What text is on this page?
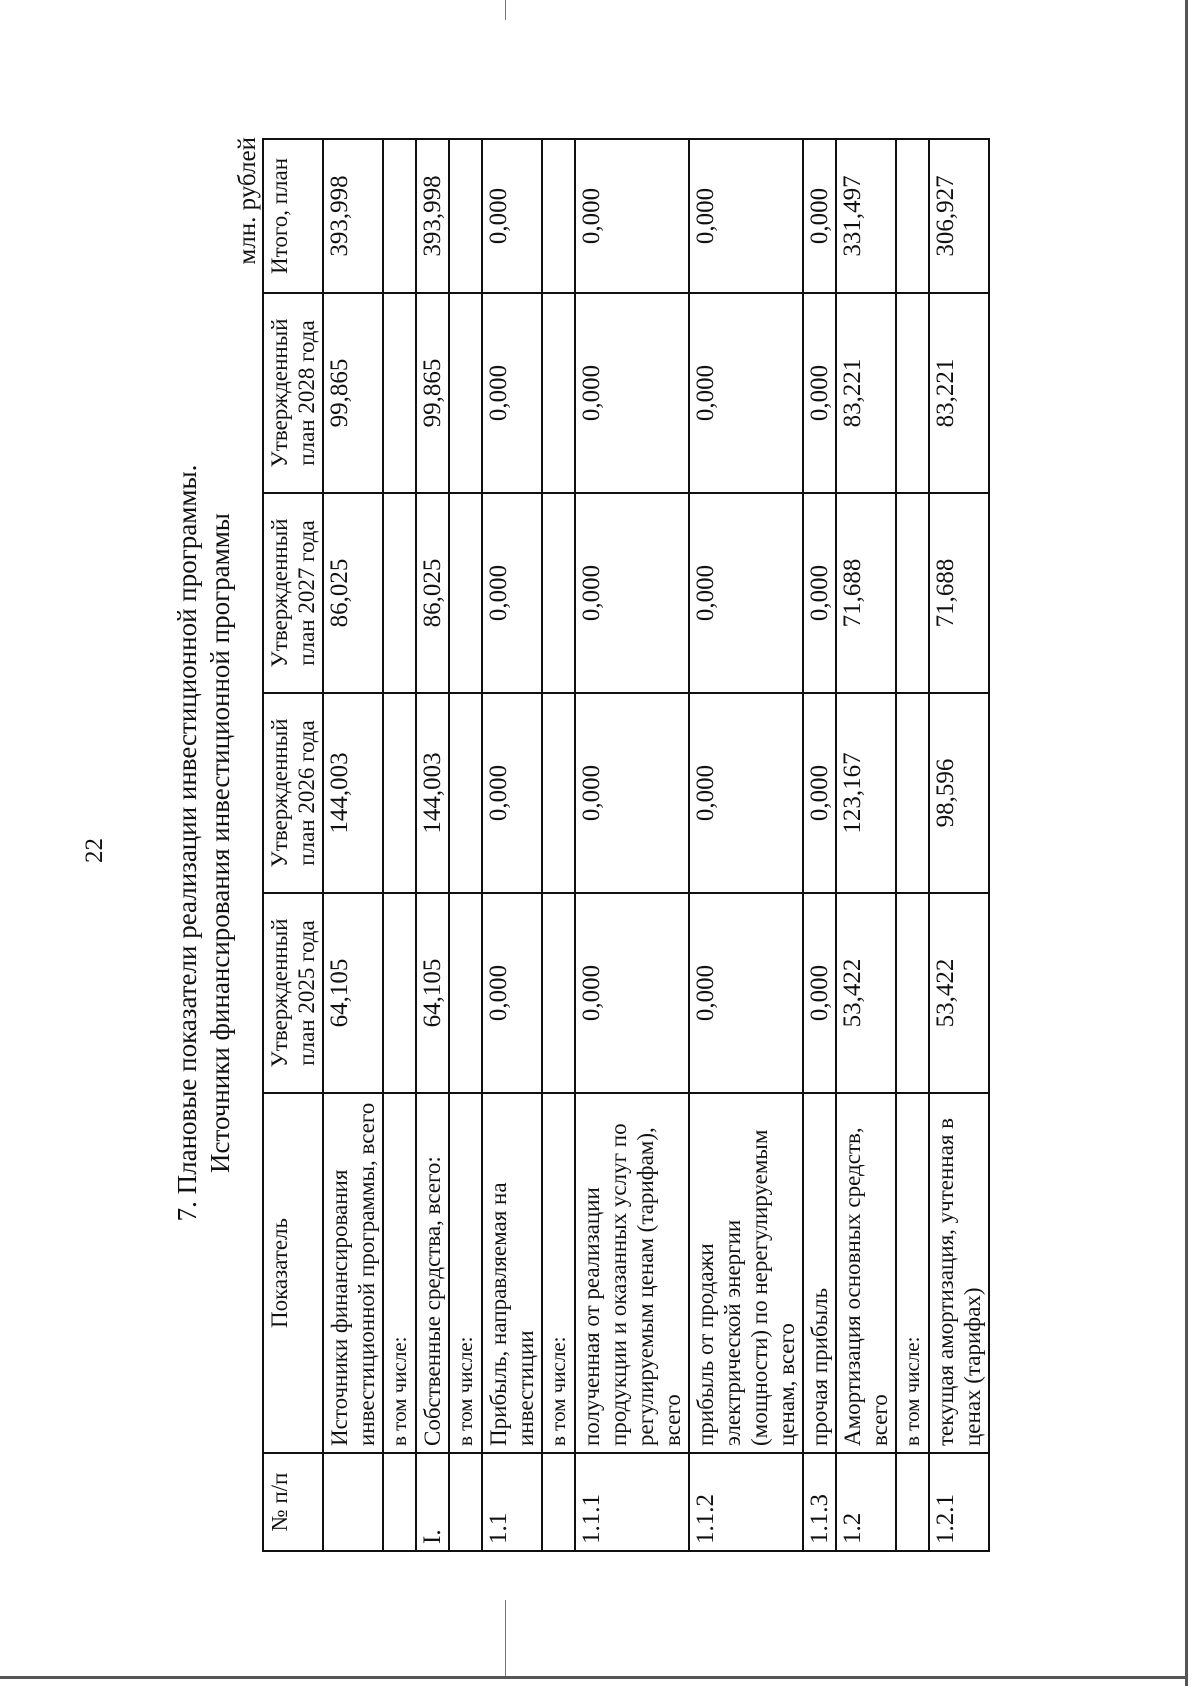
22 7. Плановые показатели реализации инвестиционной программы. Источники финансирования инвестиционной программы
млн. рублей
№ п/п	Показатель	Утвержденный план 2025 года	Утвержденный план 2026 года	Утвержденный план 2027 года	Утвержденный план 2028 года	Итого, план
	Источники финансирования инвестиционной программы, всего	64,105	144,003	86,025	99,865	393,998
	в том числе:					
I.	Собственные средства, всего:	64,105	144,003	86,025	99,865	393,998
	в том числе:					
1.1	Прибыль, направляемая на инвестиции	0,000	0,000	0,000	0,000	0,000
	в том числе:					
1.1.1	полученная от реализации продукции и оказанных услуг по регулируемым ценам (тарифам), всего	0,000	0,000	0,000	0,000	0,000
1.1.2	прибыль от продажи электрической энергии (мощности) по нерегулируемым ценам, всего	0,000	0,000	0,000	0,000	0,000
1.1.3	прочая прибыль	0,000	0,000	0,000	0,000	0,000
1.2	Амортизация основных средств, всего	53,422	123,167	71,688	83,221	331,497
	в том числе:					
1.2.1	текущая амортизация, учтенная в ценах (тарифах)	53,422	98,596	71,688	83,221	306,927
